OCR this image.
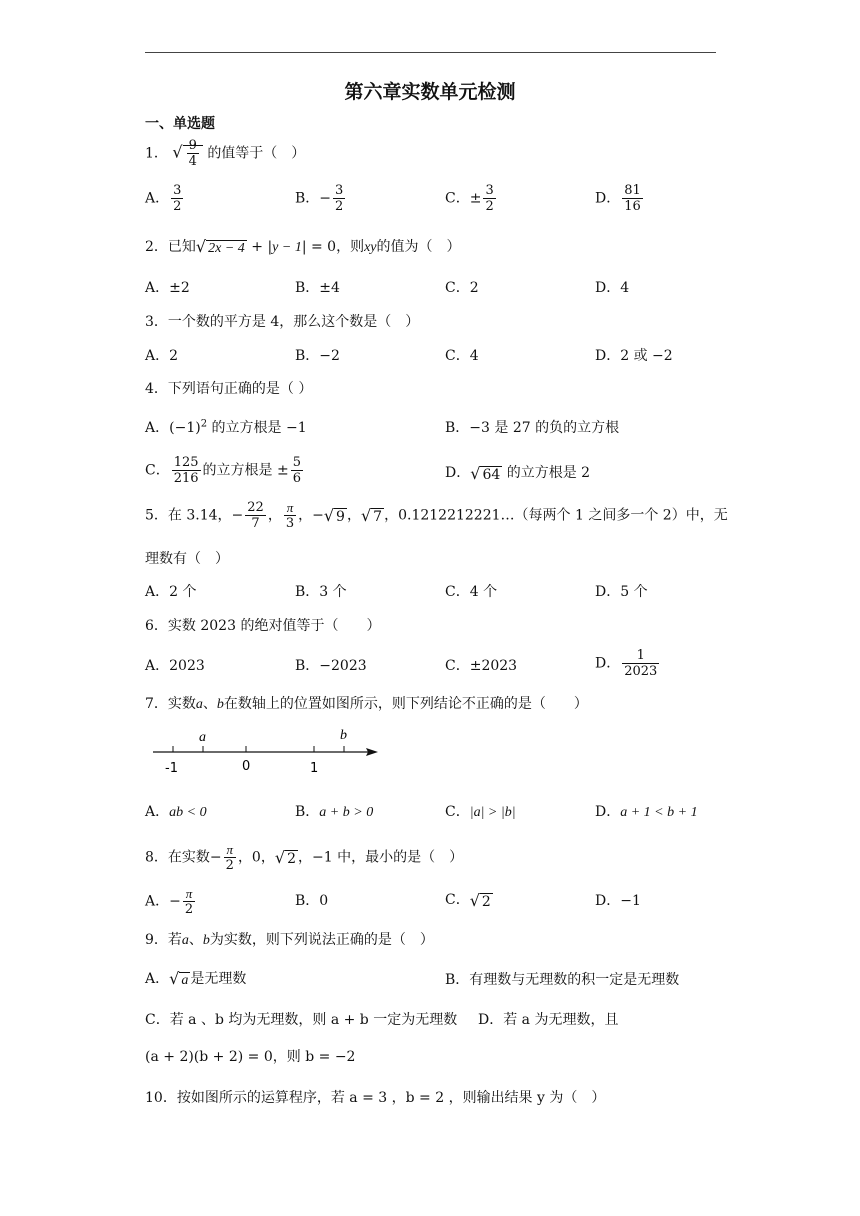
第六章实数单元检测
一、单选题
1． √ $\frac{9}{4}$ 的值等于（　）
A． $\frac{3}{2}$	B．− $\frac{3}{2}$	C．± $\frac{3}{2}$	D． $\frac{81}{16}$
2．已知√ 2x − 4 + |y − 1| = 0，则xy的值为（　）
A．±2	B．±4	C．2	D．4
3．一个数的平方是 4，那么这个数是（　）
A．2	B．−2	C．4	D．2 或 −2
4．下列语句正确的是（ ）
A．$(-1)^2$ 的立方根是 −1	B．−3 是 27 的负的立方根
C． $\frac{125}{216}$ 的立方根是 ± $\frac{5}{6}$	D．√ 64 的立方根是 2
5．在 3.14，− $\frac{22}{7}$ ， $\frac{\pi}{3}$ ，−√ 9 ，√ 7 ，0.1212212221…（每两个 1 之间多一个 2）中，无
理数有（　）
A．2 个	B．3 个	C．4 个	D．5 个
6．实数 2023 的绝对值等于（　　）
A．2023	B．−2023	C．±2023	D． $\frac{1}{2023}$
7．实数a、b在数轴上的位置如图所示，则下列结论不正确的是（　　）
a	b
-1	0	1
A．ab < 0	B．a + b > 0	C．|a| > |b|	D．a + 1 < b + 1
8．在实数− $\frac{\pi}{2}$ ，0，√ 2 ，−1 中，最小的是（　）
A．− $\frac{\pi}{2}$	B．0	C．√ 2	D．−1
9．若a、b为实数，则下列说法正确的是（　）
A．√ a 是无理数	B．有理数与无理数的积一定是无理数
C．若 a 、b 均为无理数，则 a + b 一定为无理数 D．若 a 为无理数，且
(a + 2)(b + 2) = 0，则 b = −2
10．按如图所示的运算程序，若 a = 3 ，b = 2 ，则输出结果 y 为（　）
